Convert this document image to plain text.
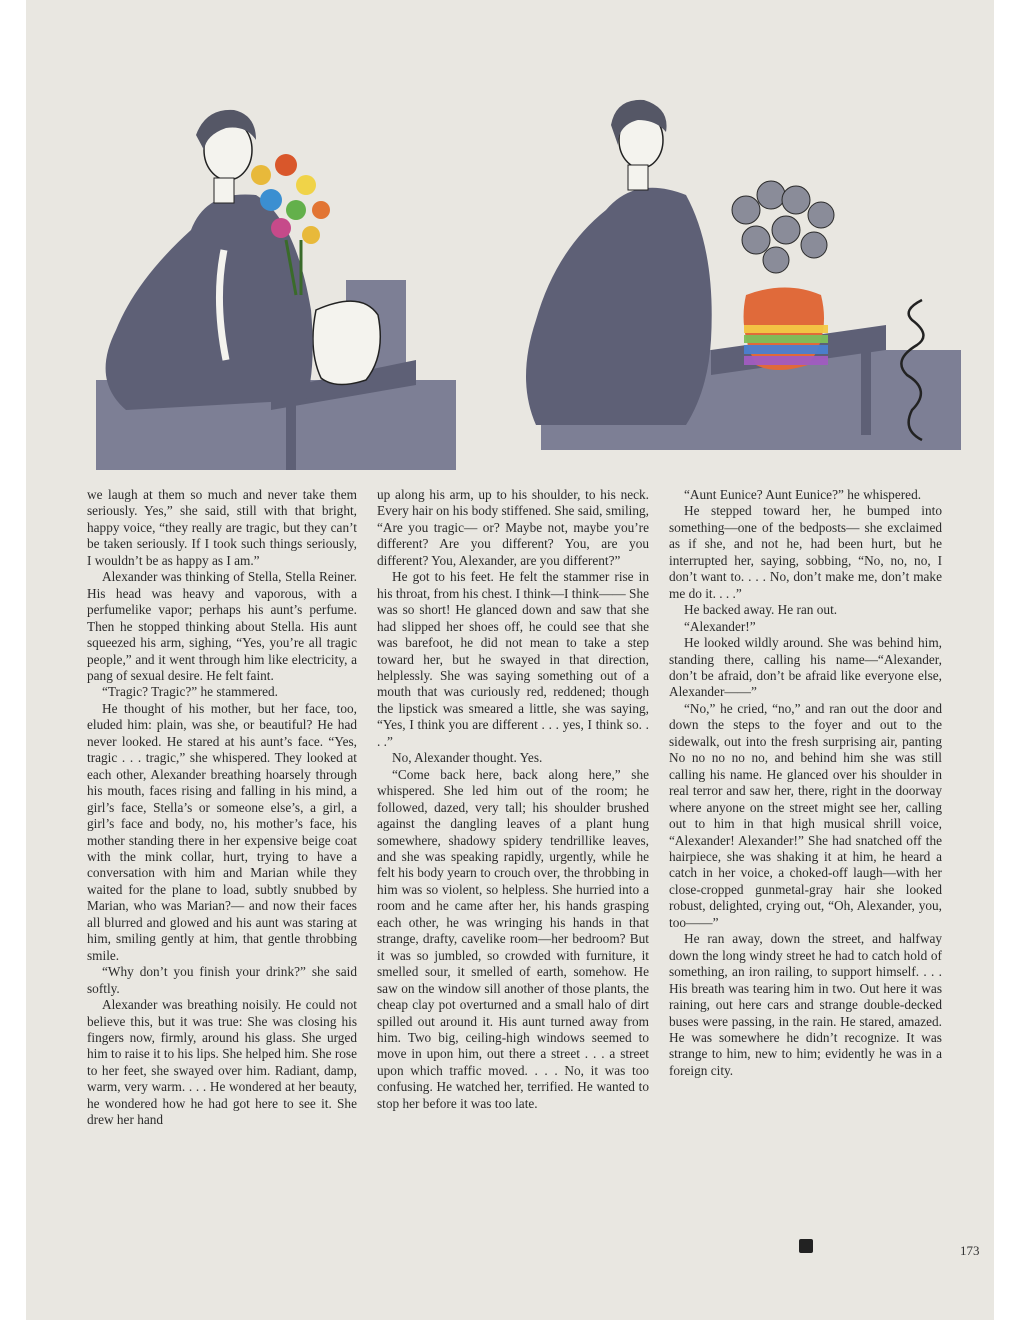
we laugh at them so much and never take them seriously. Yes,” she said, still with that bright, happy voice, “they really are tragic, but they can’t be taken seriously. If I took such things seriously, I wouldn’t be as happy as I am.”

Alexander was thinking of Stella, Stella Reiner. His head was heavy and vaporous, with a perfumelike vapor; perhaps his aunt’s perfume. Then he stopped thinking about Stella. His aunt squeezed his arm, sighing, “Yes, you’re all tragic people,” and it went through him like electricity, a pang of sexual desire. He felt faint.

“Tragic? Tragic?” he stammered.

He thought of his mother, but her face, too, eluded him: plain, was she, or beautiful? He had never looked. He stared at his aunt’s face. “Yes, tragic . . . tragic,” she whispered. They looked at each other, Alexander breathing hoarsely through his mouth, faces rising and falling in his mind, a girl’s face, Stella’s or someone else’s, a girl, a girl’s face and body, no, his mother’s face, his mother standing there in her expensive beige coat with the mink collar, hurt, trying to have a conversation with him and Marian while they waited for the plane to load, subtly snubbed by Marian, who was Marian?— and now their faces all blurred and glowed and his aunt was staring at him, smiling gently at him, that gentle throbbing smile.

“Why don’t you finish your drink?” she said softly.

Alexander was breathing noisily. He could not believe this, but it was true: She was closing his fingers now, firmly, around his glass. She urged him to raise it to his lips. She helped him. She rose to her feet, she swayed over him. Radiant, damp, warm, very warm. . . . He wondered at her beauty, he wondered how he had got here to see it. She drew her hand

up along his arm, up to his shoulder, to his neck. Every hair on his body stiffened. She said, smiling, “Are you tragic— or? Maybe not, maybe you’re different? Are you different? You, are you different? You, Alexander, are you different?”

He got to his feet. He felt the stammer rise in his throat, from his chest. I think—I think—— She was so short! He glanced down and saw that she had slipped her shoes off, he could see that she was barefoot, he did not mean to take a step toward her, but he swayed in that direction, helplessly. She was saying something out of a mouth that was curiously red, reddened; though the lipstick was smeared a little, she was saying, “Yes, I think you are different . . . yes, I think so. . . .”

No, Alexander thought. Yes.

“Come back here, back along here,” she whispered. She led him out of the room; he followed, dazed, very tall; his shoulder brushed against the dangling leaves of a plant hung somewhere, shadowy spidery tendrillike leaves, and she was speaking rapidly, urgently, while he felt his body yearn to crouch over, the throbbing in him was so violent, so helpless. She hurried into a room and he came after her, his hands grasping each other, he was wringing his hands in that strange, drafty, cavelike room—her bedroom? But it was so jumbled, so crowded with furniture, it smelled sour, it smelled of earth, somehow. He saw on the window sill another of those plants, the cheap clay pot overturned and a small halo of dirt spilled out around it. His aunt turned away from him. Two big, ceiling-high windows seemed to move in upon him, out there a street . . . a street upon which traffic moved. . . . No, it was too confusing. He watched her, terrified. He wanted to stop her before it was too late.

“Aunt Eunice? Aunt Eunice?” he whispered.

He stepped toward her, he bumped into something—one of the bedposts— she exclaimed as if she, and not he, had been hurt, but he interrupted her, saying, sobbing, “No, no, no, I don’t want to. . . . No, don’t make me, don’t make me do it. . . .”

He backed away. He ran out.

“Alexander!”

He looked wildly around. She was behind him, standing there, calling his name—“Alexander, don’t be afraid, don’t be afraid like everyone else, Alexander——”

“No,” he cried, “no,” and ran out the door and down the steps to the foyer and out to the sidewalk, out into the fresh surprising air, panting No no no no no, and behind him she was still calling his name. He glanced over his shoulder in real terror and saw her, there, right in the doorway where anyone on the street might see her, calling out to him in that high musical shrill voice, “Alexander! Alexander!” She had snatched off the hairpiece, she was shaking it at him, he heard a catch in her voice, a choked-off laugh—with her close-cropped gunmetal-gray hair she looked robust, delighted, crying out, “Oh, Alexander, you, too——”

He ran away, down the street, and halfway down the long windy street he had to catch hold of something, an iron railing, to support himself. . . . His breath was tearing him in two. Out here it was raining, out here cars and strange double-decked buses were passing, in the rain. He stared, amazed. He was somewhere he didn’t recognize. It was strange to him, new to him; evidently he was in a foreign city.

173
